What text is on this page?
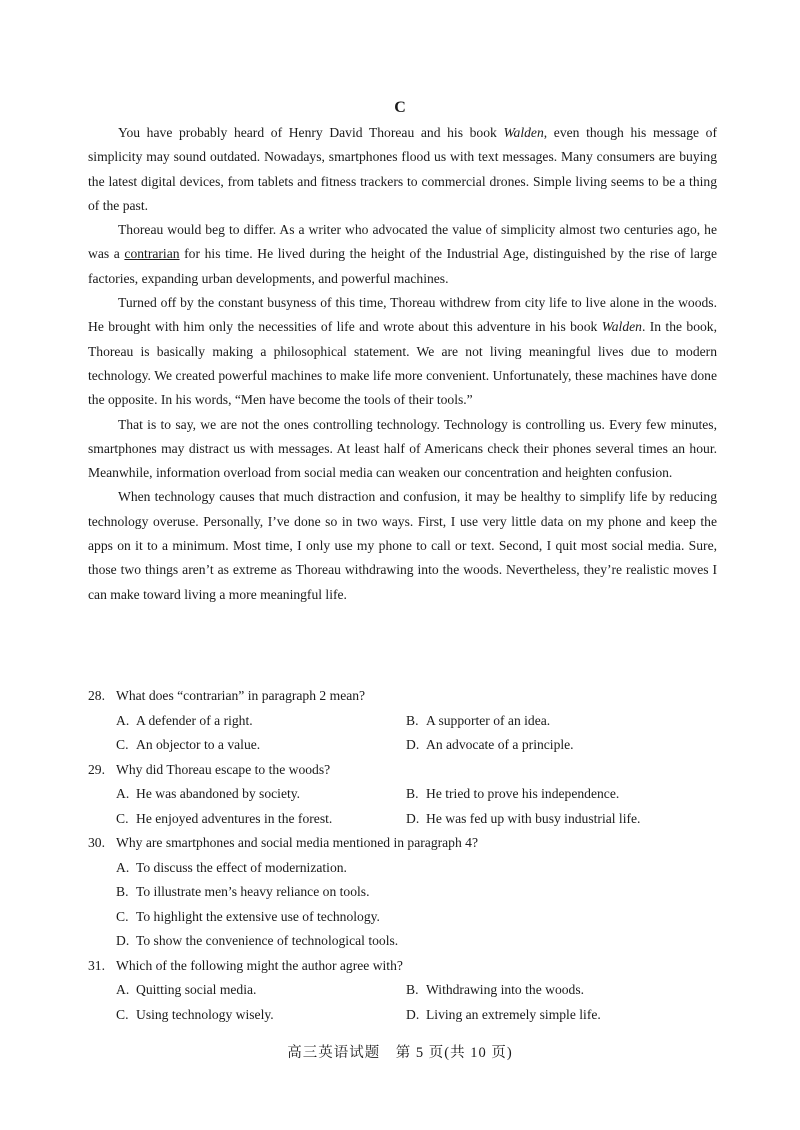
C

You have probably heard of Henry David Thoreau and his book Walden, even though his message of simplicity may sound outdated. Nowadays, smartphones flood us with text messages. Many consumers are buying the latest digital devices, from tablets and fitness trackers to commercial drones. Simple living seems to be a thing of the past.

Thoreau would beg to differ. As a writer who advocated the value of simplicity almost two centuries ago, he was a contrarian for his time. He lived during the height of the Industrial Age, distinguished by the rise of large factories, expanding urban developments, and powerful machines.

Turned off by the constant busyness of this time, Thoreau withdrew from city life to live alone in the woods. He brought with him only the necessities of life and wrote about this adventure in his book Walden. In the book, Thoreau is basically making a philosophical statement. We are not living meaningful lives due to modern technology. We created powerful machines to make life more convenient. Unfortunately, these machines have done the opposite. In his words, “Men have become the tools of their tools.”

That is to say, we are not the ones controlling technology. Technology is controlling us. Every few minutes, smartphones may distract us with messages. At least half of Americans check their phones several times an hour. Meanwhile, information overload from social media can weaken our concentration and heighten confusion.

When technology causes that much distraction and confusion, it may be healthy to simplify life by reducing technology overuse. Personally, I’ve done so in two ways. First, I use very little data on my phone and keep the apps on it to a minimum. Most time, I only use my phone to call or text. Second, I quit most social media. Sure, those two things aren’t as extreme as Thoreau withdrawing into the woods. Nevertheless, they’re realistic moves I can make toward living a more meaningful life.

28. What does “contrarian” in paragraph 2 mean?
A. A defender of a right.	B. A supporter of an idea.
C. An objector to a value.	D. An advocate of a principle.
29. Why did Thoreau escape to the woods?
A. He was abandoned by society.	B. He tried to prove his independence.
C. He enjoyed adventures in the forest.	D. He was fed up with busy industrial life.
30. Why are smartphones and social media mentioned in paragraph 4?
A. To discuss the effect of modernization.
B. To illustrate men’s heavy reliance on tools.
C. To highlight the extensive use of technology.
D. To show the convenience of technological tools.
31. Which of the following might the author agree with?
A. Quitting social media.	B. Withdrawing into the woods.
C. Using technology wisely.	D. Living an extremely simple life.
高三英语试题　第 5 页(共 10 页)
